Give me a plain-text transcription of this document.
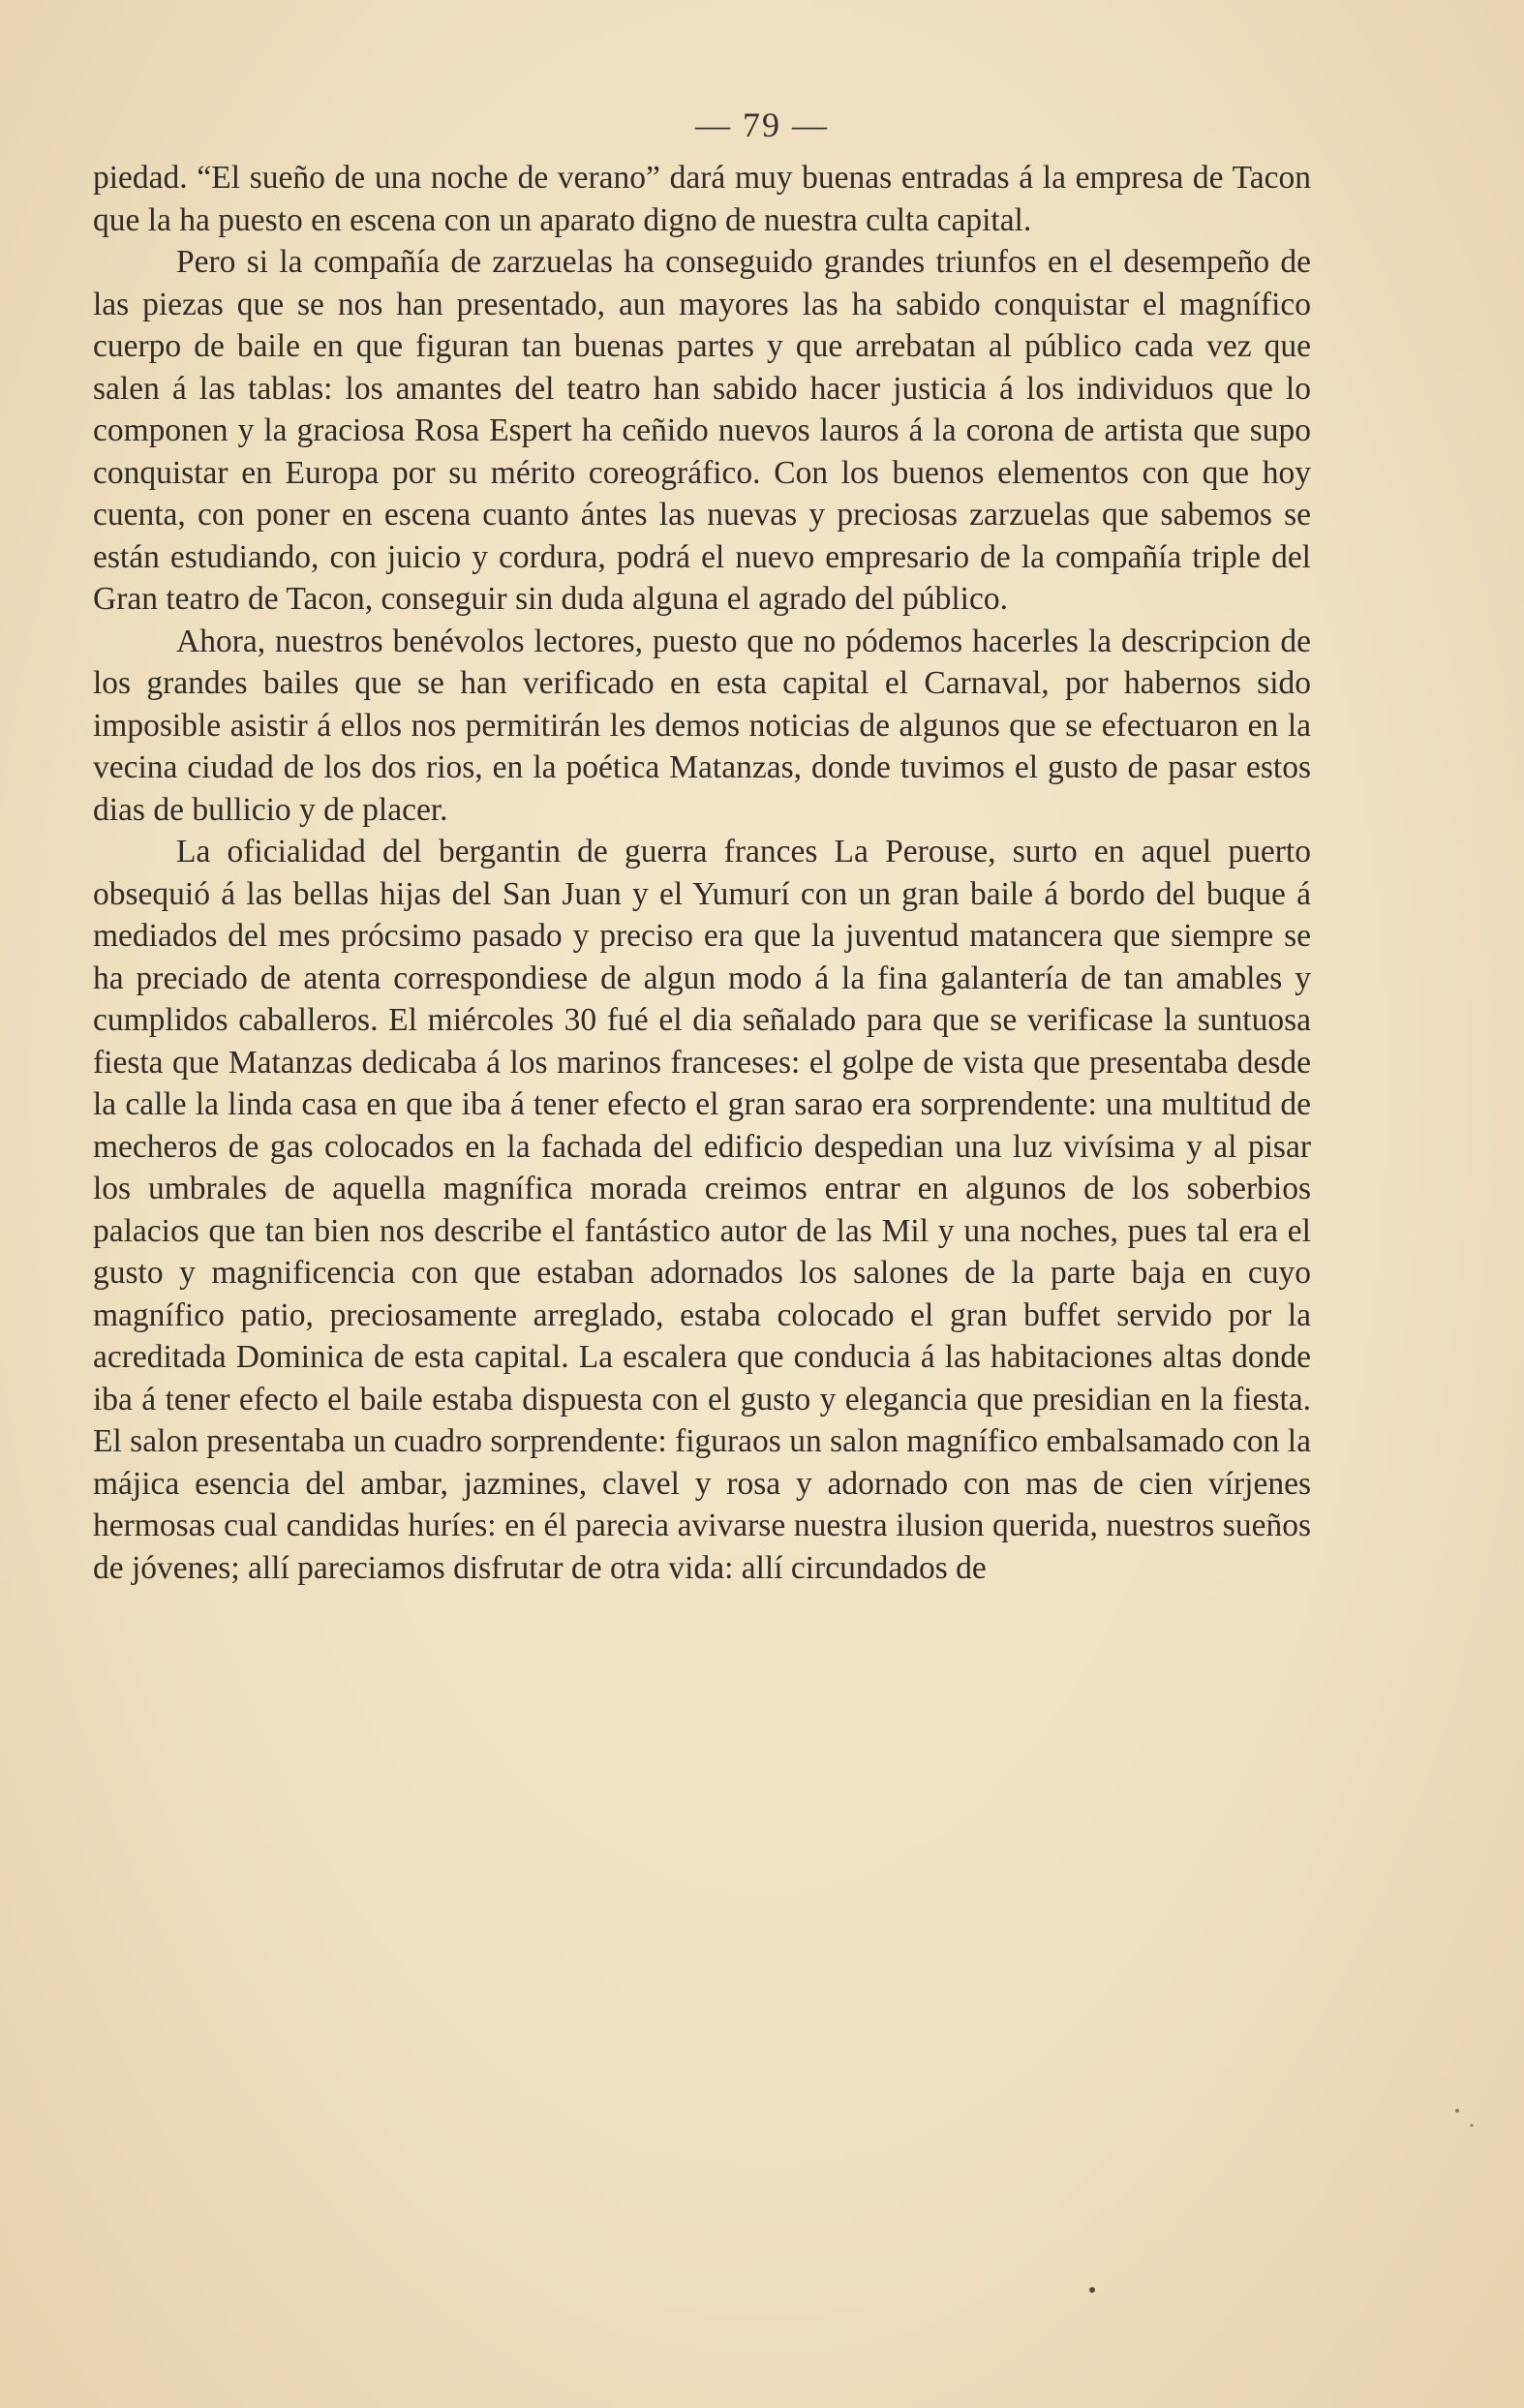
— 79 —

piedad. “El sueño de una noche de verano” dará muy buenas entradas á la empresa de Tacon que la ha puesto en escena con un aparato digno de nuestra culta capital.

Pero si la compañía de zarzuelas ha conseguido grandes triunfos en el desempeño de las piezas que se nos han presentado, aun mayores las ha sabido conquistar el magnífico cuerpo de baile en que figuran tan buenas partes y que arrebatan al público cada vez que salen á las tablas: los amantes del teatro han sabido hacer justicia á los individuos que lo componen y la graciosa Rosa Espert ha ceñido nuevos lauros á la corona de artista que supo conquistar en Europa por su mérito coreográfico. Con los buenos elementos con que hoy cuenta, con poner en escena cuanto ántes las nuevas y preciosas zarzuelas que sabemos se están estudiando, con juicio y cordura, podrá el nuevo empresario de la compañía triple del Gran teatro de Tacon, conseguir sin duda alguna el agrado del público.

Ahora, nuestros benévolos lectores, puesto que no pódemos hacerles la descripcion de los grandes bailes que se han verificado en esta capital el Carnaval, por habernos sido imposible asistir á ellos nos permitirán les demos noticias de algunos que se efectuaron en la vecina ciudad de los dos rios, en la poética Matanzas, donde tuvimos el gusto de pasar estos dias de bullicio y de placer.

La oficialidad del bergantin de guerra frances La Perouse, surto en aquel puerto obsequió á las bellas hijas del San Juan y el Yumurí con un gran baile á bordo del buque á mediados del mes prócsimo pasado y preciso era que la juventud matancera que siempre se ha preciado de atenta correspondiese de algun modo á la fina galantería de tan amables y cumplidos caballeros. El miércoles 30 fué el dia señalado para que se verificase la suntuosa fiesta que Matanzas dedicaba á los marinos franceses: el golpe de vista que presentaba desde la calle la linda casa en que iba á tener efecto el gran sarao era sorprendente: una multitud de mecheros de gas colocados en la fachada del edificio despedian una luz vivísima y al pisar los umbrales de aquella magnífica morada creimos entrar en algunos de los soberbios palacios que tan bien nos describe el fantástico autor de las Mil y una noches, pues tal era el gusto y magnificencia con que estaban adornados los salones de la parte baja en cuyo magnífico patio, preciosamente arreglado, estaba colocado el gran buffet servido por la acreditada Dominica de esta capital. La escalera que conducia á las habitaciones altas donde iba á tener efecto el baile estaba dispuesta con el gusto y elegancia que presidian en la fiesta. El salon presentaba un cuadro sorprendente: figuraos un salon magnífico embalsamado con la májica esencia del ambar, jazmines, clavel y rosa y adornado con mas de cien vírjenes hermosas cual candidas huríes: en él parecia avivarse nuestra ilusion querida, nuestros sueños de jóvenes; allí pareciamos disfrutar de otra vida: allí circundados de
